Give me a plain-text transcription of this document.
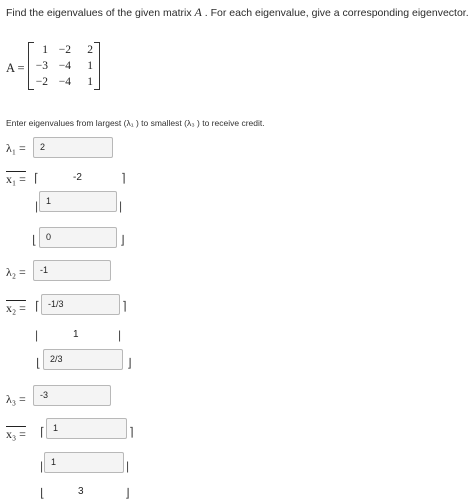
Find the eigenvalues of the given matrix A . For each eigenvalue, give a corresponding eigenvector.
A =
1 −2	2
−3 −4	1
−2 −4	1
Enter eigenvalues from largest (λ₁ ) to smallest (λ₃ ) to receive credit.
λ₁ =	2
x₁ = ⌈	-2	⌉
| 1	|
⌊	0	⌋
λ₂ =	-1
x₂ = ⌈ -1/3	⌉
|	1	|
⌊	2/3	⌋
λ₃ =	-3
x₃ = ⌈ 1	⌉
| 1	|
⌊	3	⌋
